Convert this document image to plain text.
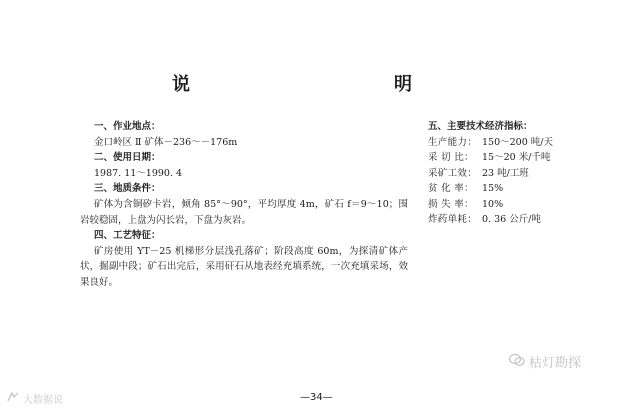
说　　明
一、作业地点：
金口岭区 Ⅱ 矿体－236～－176m
二、使用日期：
1987. 11～1990. 4
三、地质条件：
矿体为含铜矽卡岩，倾角 85°～90°，平均厚度 4m，矿石 f＝9～10；围岩较稳固，上盘为闪长岩，下盘为灰岩。
四、工艺特征：
矿房使用 YT－25 机梯形分层浅孔落矿；阶段高度 60m，为探清矿体产状，掘副中段；矿石出完后，采用矸石从地表经充填系统，一次充填采场，效果良好。
五、主要技术经济指标：
生产能力： 150～200 吨/天
采 切 比： 15～20 米/千吨
采矿工效： 23 吨/工班
贫 化 率： 15%
损 失 率： 10%
炸药单耗： 0. 36 公斤/吨
枯灯勘探
—34—
大数据说
